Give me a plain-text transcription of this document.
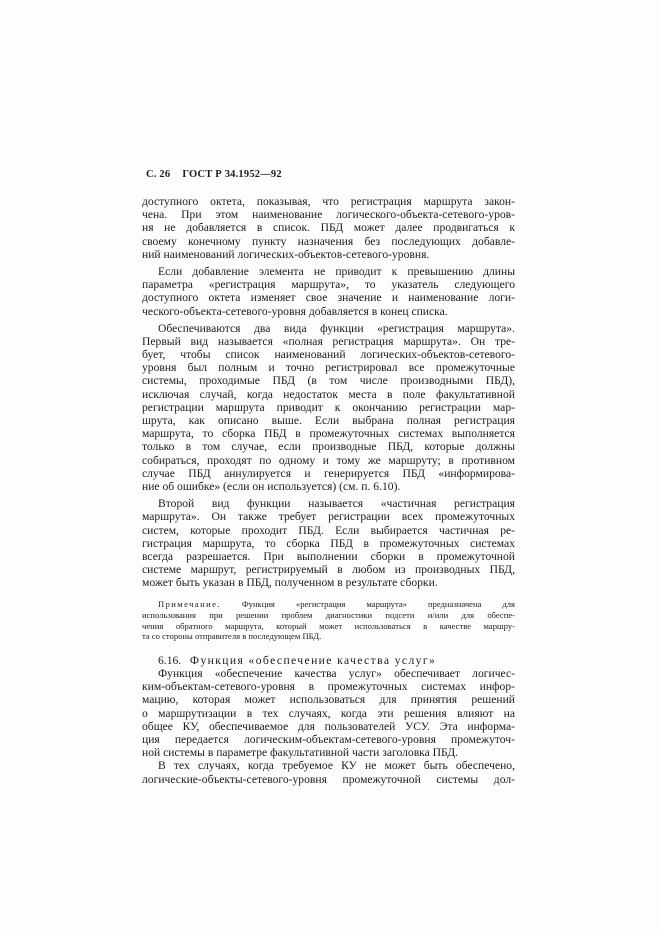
С. 26 ГОСТ Р 34.1952—92
доступного октета, показывая, что регистрация маршрута закон-
чена. При этом наименование логического-объекта-сетевого-уров-
ня не добавляется в список. ПБД может далее продвигаться к
своему конечному пункту назначения без последующих добавле-
ний наименований логических-объектов-сетевого-уровня.
Если добавление элемента не приводит к превышению длины
параметра «регистрация маршрута», то указатель следующего
доступного октета изменяет свое значение и наименование логи-
ческого-объекта-сетевого-уровня добавляется в конец списка.
Обеспечиваются два вида функции «регистрация маршрута».
Первый вид называется «полная регистрация маршрута». Он тре-
бует, чтобы список наименований логических-объектов-сетевого-
уровня был полным и точно регистрировал все промежуточные
системы, проходимые ПБД (в том числе производными ПБД),
исключая случай, когда недостаток места в поле факультативной
регистрации маршрута приводит к окончанию регистрации мар-
шрута, как описано выше. Если выбрана полная регистрация
маршрута, то сборка ПБД в промежуточных системах выполняется
только в том случае, если производные ПБД, которые должны
собираться, проходят по одному и тому же маршруту; в противном
случае ПБД аннулируется и генерируется ПБД «информирова-
ние об ошибке» (если он используется) (см. п. 6.10).
Второй вид функции называется «частичная регистрация
маршрута». Он также требует регистрации всех промежуточных
систем, которые проходит ПБД. Если выбирается частичная ре-
гистрация маршрута, то сборка ПБД в промежуточных системах
всегда разрешается. При выполнении сборки в промежуточной
системе маршрут, регистрируемый в любом из производных ПБД,
может быть указан в ПБД, полученном в результате сборки.
Примечание. Функция «регистрация маршрута» предназначена для
использования при решении проблем диагностики подсети и/или для обеспе-
чения обратного маршрута, который может использоваться в качестве маршру-
та со стороны отправителя в последующем ПБД.
6.16. Функция «обеспечение качества услуг»
Функция «обеспечение качества услуг» обеспечивает логичес-
ким-объектам-сетевого-уровня в промежуточных системах инфор-
мацию, которая может использоваться для принятия решений
о маршрутизации в тех случаях, когда эти решения влияют на
общее КУ, обеспечиваемое для пользователей УСУ. Эта информа-
ция передается логическим-объектам-сетевого-уровня промежуточ-
ной системы в параметре факультативной части заголовка ПБД.
В тех случаях, когда требуемое КУ не может быть обеспечено,
логические-объекты-сетевого-уровня промежуточной системы дол-
